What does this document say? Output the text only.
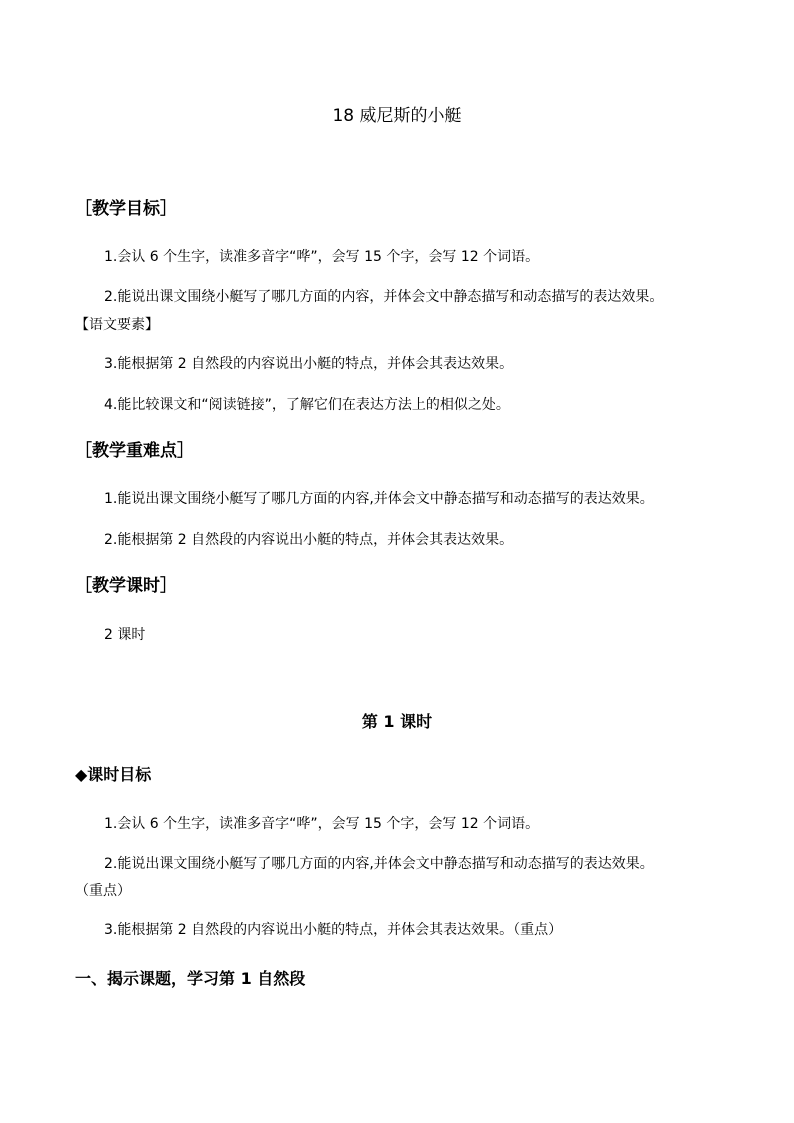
18 威尼斯的小艇
［教学目标］
1.会认 6 个生字，读准多音字“哗”，会写 15 个字，会写 12 个词语。
2.能说出课文围绕小艇写了哪几方面的内容，并体会文中静态描写和动态描写的表达效果。
【语文要素】
3.能根据第 2 自然段的内容说出小艇的特点，并体会其表达效果。
4.能比较课文和“阅读链接”，了解它们在表达方法上的相似之处。
［教学重难点］
1.能说出课文围绕小艇写了哪几方面的内容,并体会文中静态描写和动态描写的表达效果。
2.能根据第 2 自然段的内容说出小艇的特点，并体会其表达效果。
［教学课时］
2 课时
第 1 课时
◆课时目标
1.会认 6 个生字，读准多音字“哗”，会写 15 个字，会写 12 个词语。
2.能说出课文围绕小艇写了哪几方面的内容,并体会文中静态描写和动态描写的表达效果。
（重点）
3.能根据第 2 自然段的内容说出小艇的特点，并体会其表达效果。（重点）
一、揭示课题，学习第 1 自然段
